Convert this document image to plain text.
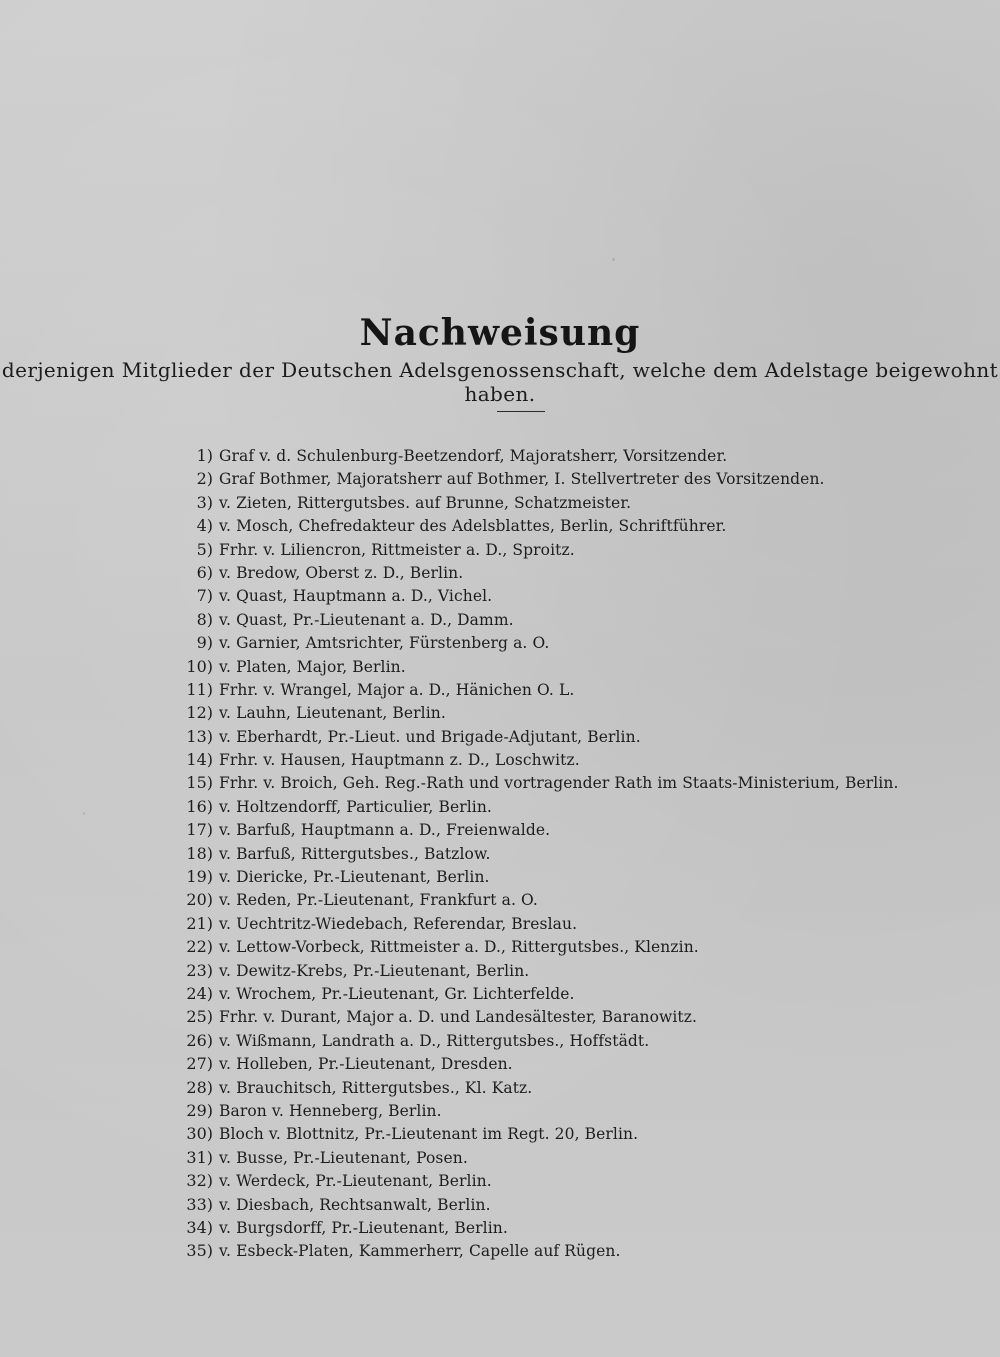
Nachweisung
derjenigen Mitglieder der Deutschen Adelsgenossenschaft, welche dem Adelstage beigewohnt haben.
1) Graf v. d. Schulenburg-Beetzendorf, Majoratsherr, Vorsitzender.
2) Graf Bothmer, Majoratsherr auf Bothmer, I. Stellvertreter des Vorsitzenden.
3) v. Zieten, Rittergutsbes. auf Brunne, Schatzmeister.
4) v. Mosch, Chefredakteur des Adelsblattes, Berlin, Schriftführer.
5) Frhr. v. Liliencron, Rittmeister a. D., Sproitz.
6) v. Bredow, Oberst z. D., Berlin.
7) v. Quast, Hauptmann a. D., Vichel.
8) v. Quast, Pr.-Lieutenant a. D., Damm.
9) v. Garnier, Amtsrichter, Fürstenberg a. O.
10) v. Platen, Major, Berlin.
11) Frhr. v. Wrangel, Major a. D., Hänichen O. L.
12) v. Lauhn, Lieutenant, Berlin.
13) v. Eberhardt, Pr.-Lieut. und Brigade-Adjutant, Berlin.
14) Frhr. v. Hausen, Hauptmann z. D., Loschwitz.
15) Frhr. v. Broich, Geh. Reg.-Rath und vortragender Rath im Staats-Ministerium, Berlin.
16) v. Holtzendorff, Particulier, Berlin.
17) v. Barfuß, Hauptmann a. D., Freienwalde.
18) v. Barfuß, Rittergutsbes., Batzlow.
19) v. Diericke, Pr.-Lieutenant, Berlin.
20) v. Reden, Pr.-Lieutenant, Frankfurt a. O.
21) v. Uechtritz-Wiedebach, Referendar, Breslau.
22) v. Lettow-Vorbeck, Rittmeister a. D., Rittergutsbes., Klenzin.
23) v. Dewitz-Krebs, Pr.-Lieutenant, Berlin.
24) v. Wrochem, Pr.-Lieutenant, Gr. Lichterfelde.
25) Frhr. v. Durant, Major a. D. und Landesältester, Baranowitz.
26) v. Wißmann, Landrath a. D., Rittergutsbes., Hoffstädt.
27) v. Holleben, Pr.-Lieutenant, Dresden.
28) v. Brauchitsch, Rittergutsbes., Kl. Katz.
29) Baron v. Henneberg, Berlin.
30) Bloch v. Blottnitz, Pr.-Lieutenant im Regt. 20, Berlin.
31) v. Busse, Pr.-Lieutenant, Posen.
32) v. Werdeck, Pr.-Lieutenant, Berlin.
33) v. Diesbach, Rechtsanwalt, Berlin.
34) v. Burgsdorff, Pr.-Lieutenant, Berlin.
35) v. Esbeck-Platen, Kammerherr, Capelle auf Rügen.
